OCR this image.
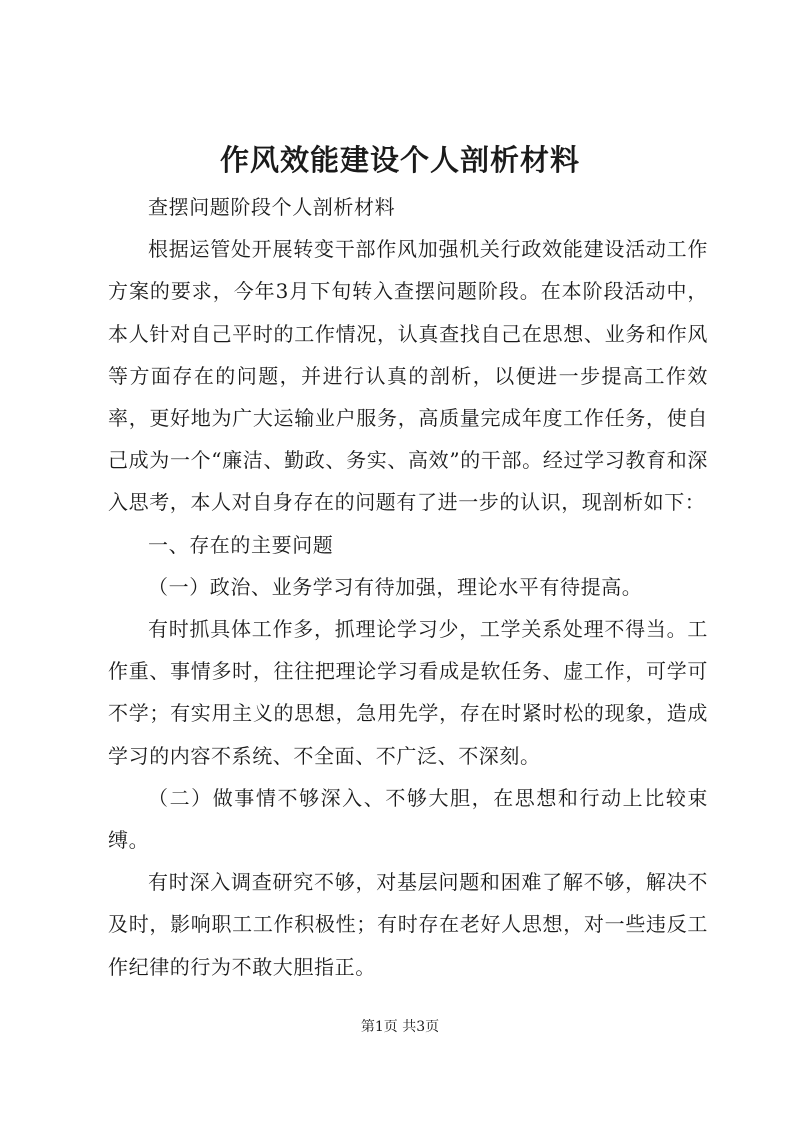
作风效能建设个人剖析材料

查摆问题阶段个人剖析材料

根据运管处开展转变干部作风加强机关行政效能建设活动工作方案的要求，今年3月下旬转入查摆问题阶段。在本阶段活动中，本人针对自己平时的工作情况，认真查找自己在思想、业务和作风等方面存在的问题，并进行认真的剖析，以便进一步提高工作效率，更好地为广大运输业户服务，高质量完成年度工作任务，使自己成为一个“廉洁、勤政、务实、高效”的干部。经过学习教育和深入思考，本人对自身存在的问题有了进一步的认识，现剖析如下：

一、存在的主要问题

（一）政治、业务学习有待加强，理论水平有待提高。

有时抓具体工作多，抓理论学习少，工学关系处理不得当。工作重、事情多时，往往把理论学习看成是软任务、虚工作，可学可不学；有实用主义的思想，急用先学，存在时紧时松的现象，造成学习的内容不系统、不全面、不广泛、不深刻。

（二）做事情不够深入、不够大胆，在思想和行动上比较束缚。

有时深入调查研究不够，对基层问题和困难了解不够，解决不及时，影响职工工作积极性；有时存在老好人思想，对一些违反工作纪律的行为不敢大胆指正。

第1页 共3页
